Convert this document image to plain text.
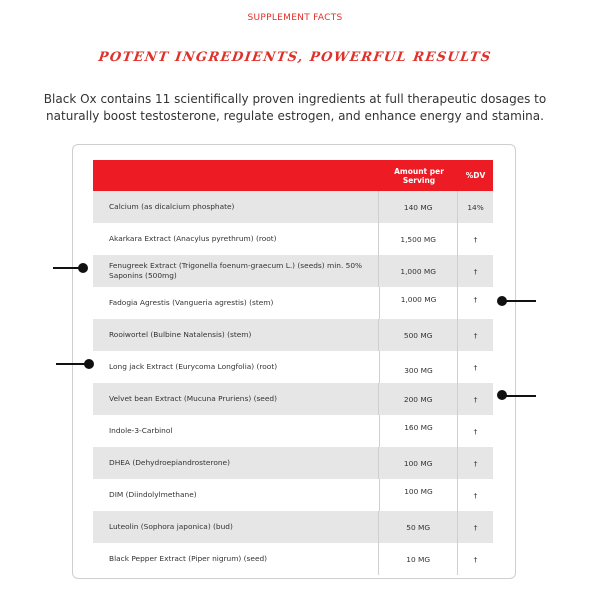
SUPPLEMENT FACTS
POTENT INGREDIENTS, POWERFUL RESULTS
Black Ox contains 11 scientifically proven ingredients at full therapeutic dosages to naturally boost testosterone, regulate estrogen, and enhance energy and stamina.
Amount per Serving	%DV
Calcium (as dicalcium phosphate)	140 MG	14%
Akarkara Extract (Anacylus pyrethrum) (root)	1,500 MG	†
Fenugreek Extract (Trigonella foenum-graecum L.) (seeds) min. 50% Saponins (500mg)	1,000 MG	†
Fadogia Agrestis (Vangueria agrestis) (stem)	1,000 MG	†
Rooiwortel (Bulbine Natalensis) (stem)	500 MG	†
Long jack Extract (Eurycoma Longfolia) (root)	300 MG	†
Velvet bean Extract (Mucuna Pruriens) (seed)	200 MG	†
Indole-3-Carbinol	160 MG	†
DHEA (Dehydroepiandrosterone)	100 MG	†
DIM (Diindolylmethane)	100 MG	†
Luteolin (Sophora japonica) (bud)	50 MG	†
Black Pepper Extract (Piper nigrum) (seed)	10 MG	†
